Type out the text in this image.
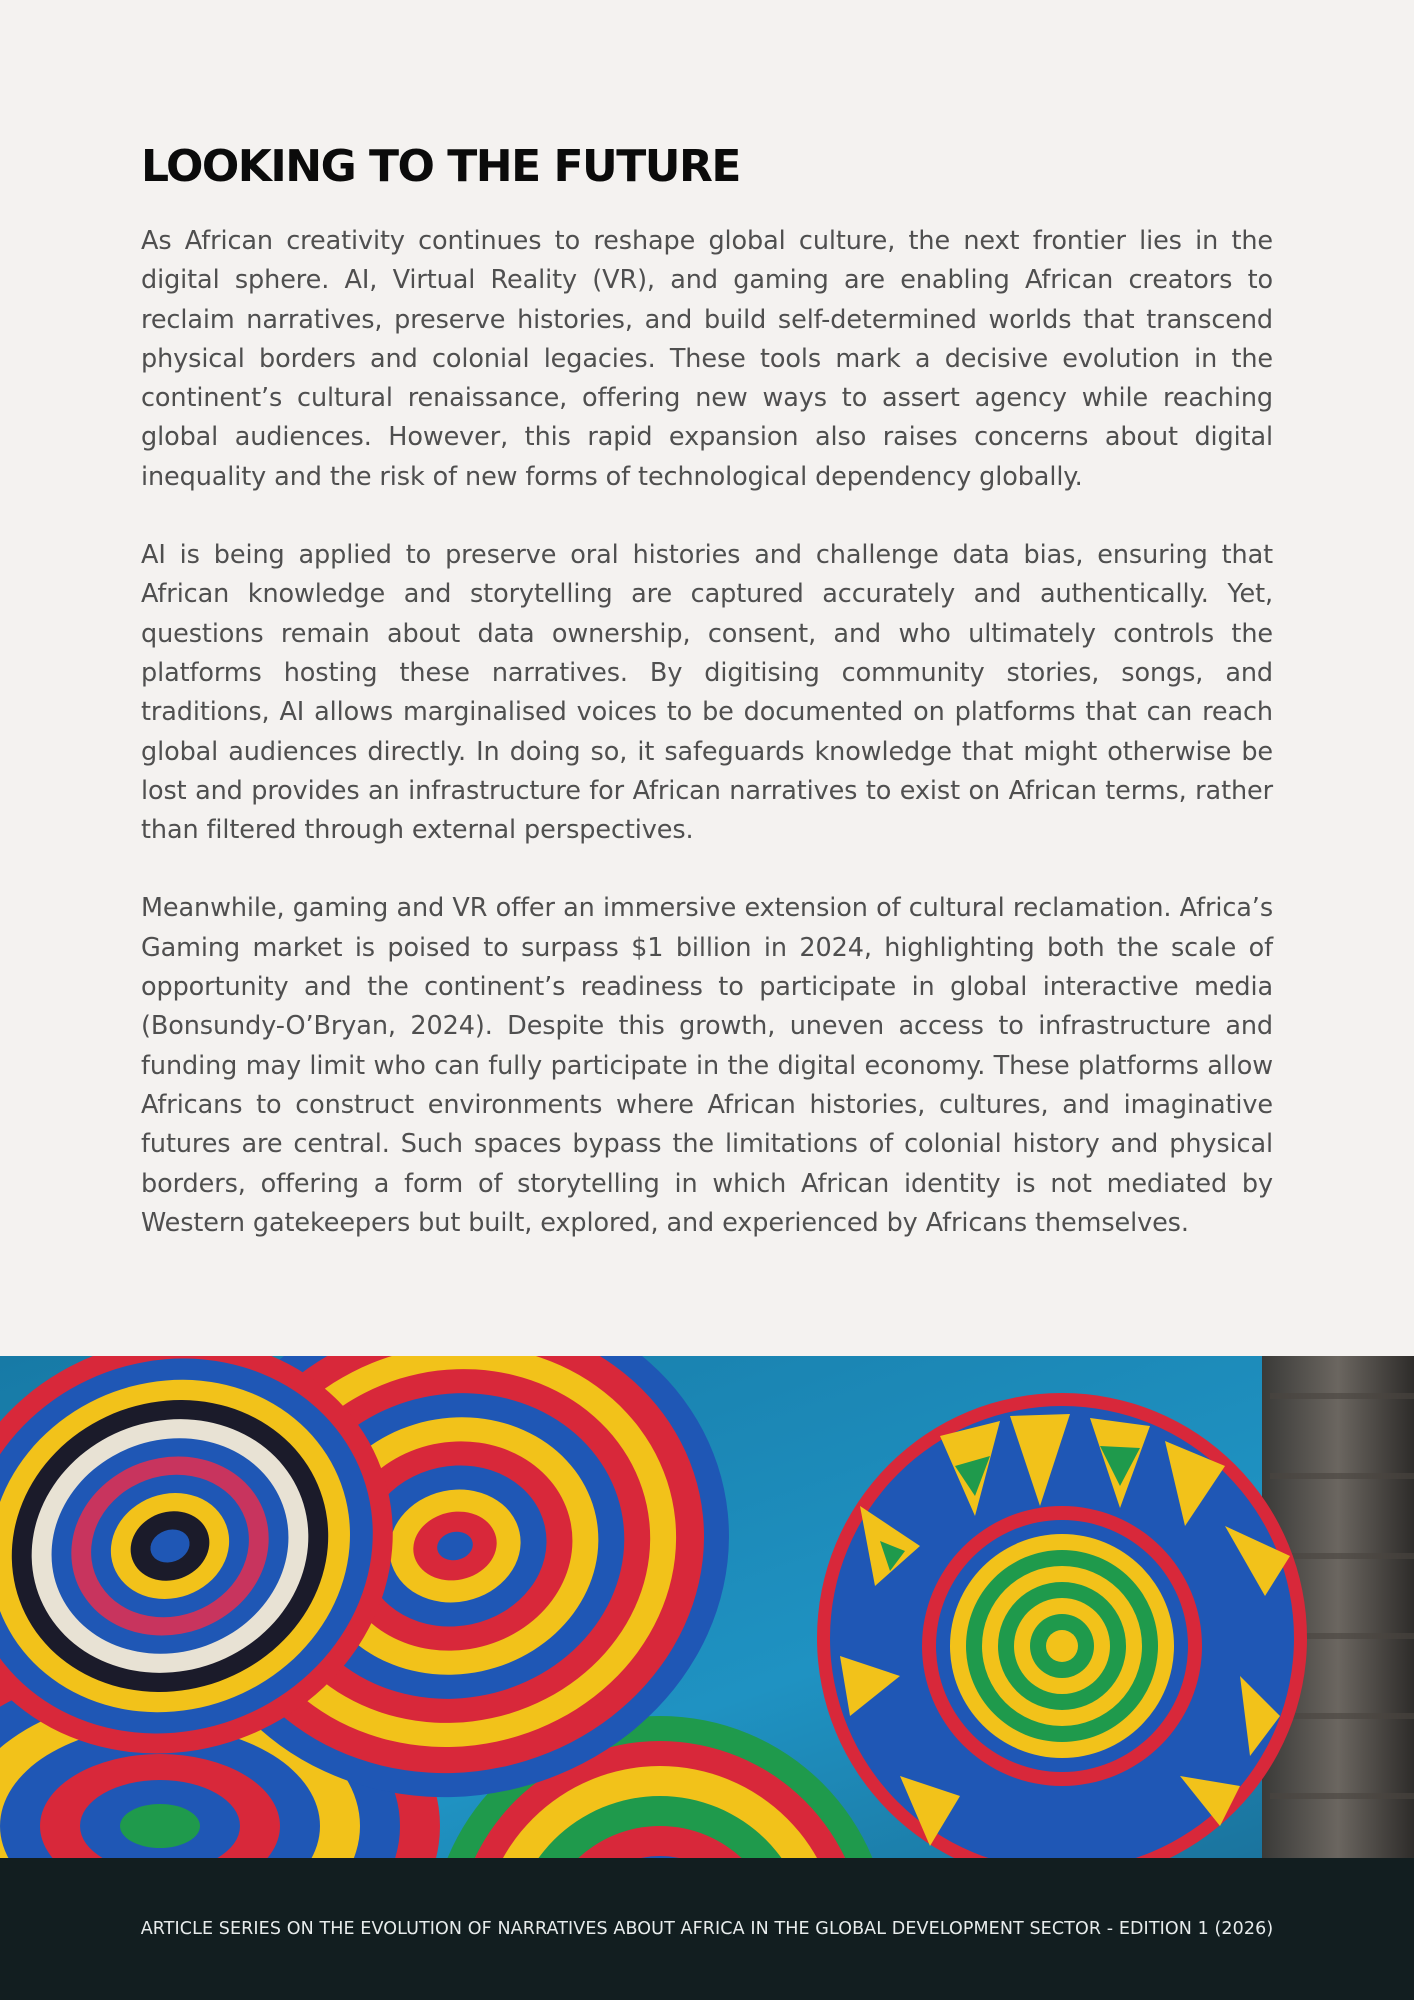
LOOKING TO THE FUTURE

As African creativity continues to reshape global culture, the next frontier lies in the digital sphere. AI, Virtual Reality (VR), and gaming are enabling African creators to reclaim narratives, preserve histories, and build self-determined worlds that transcend physical borders and colonial legacies. These tools mark a decisive evolution in the continent’s cultural renaissance, offering new ways to assert agency while reaching global audiences. However, this rapid expansion also raises concerns about digital inequality and the risk of new forms of technological dependency globally.

AI is being applied to preserve oral histories and challenge data bias, ensuring that African knowledge and storytelling are captured accurately and authentically. Yet, questions remain about data ownership, consent, and who ultimately controls the platforms hosting these narratives. By digitising community stories, songs, and traditions, AI allows marginalised voices to be documented on platforms that can reach global audiences directly. In doing so, it safeguards knowledge that might otherwise be lost and provides an infrastructure for African narratives to exist on African terms, rather than filtered through external perspectives.

Meanwhile, gaming and VR offer an immersive extension of cultural reclamation. Africa’s Gaming market is poised to surpass $1 billion in 2024, highlighting both the scale of opportunity and the continent’s readiness to participate in global interactive media (Bonsundy-O’Bryan, 2024). Despite this growth, uneven access to infrastructure and funding may limit who can fully participate in the digital economy. These platforms allow Africans to construct environments where African histories, cultures, and imaginative futures are central. Such spaces bypass the limitations of colonial history and physical borders, offering a form of storytelling in which African identity is not mediated by Western gatekeepers but built, explored, and experienced by Africans themselves.

ARTICLE SERIES ON THE EVOLUTION OF NARRATIVES ABOUT AFRICA IN THE GLOBAL DEVELOPMENT SECTOR - EDITION 1 (2026)
